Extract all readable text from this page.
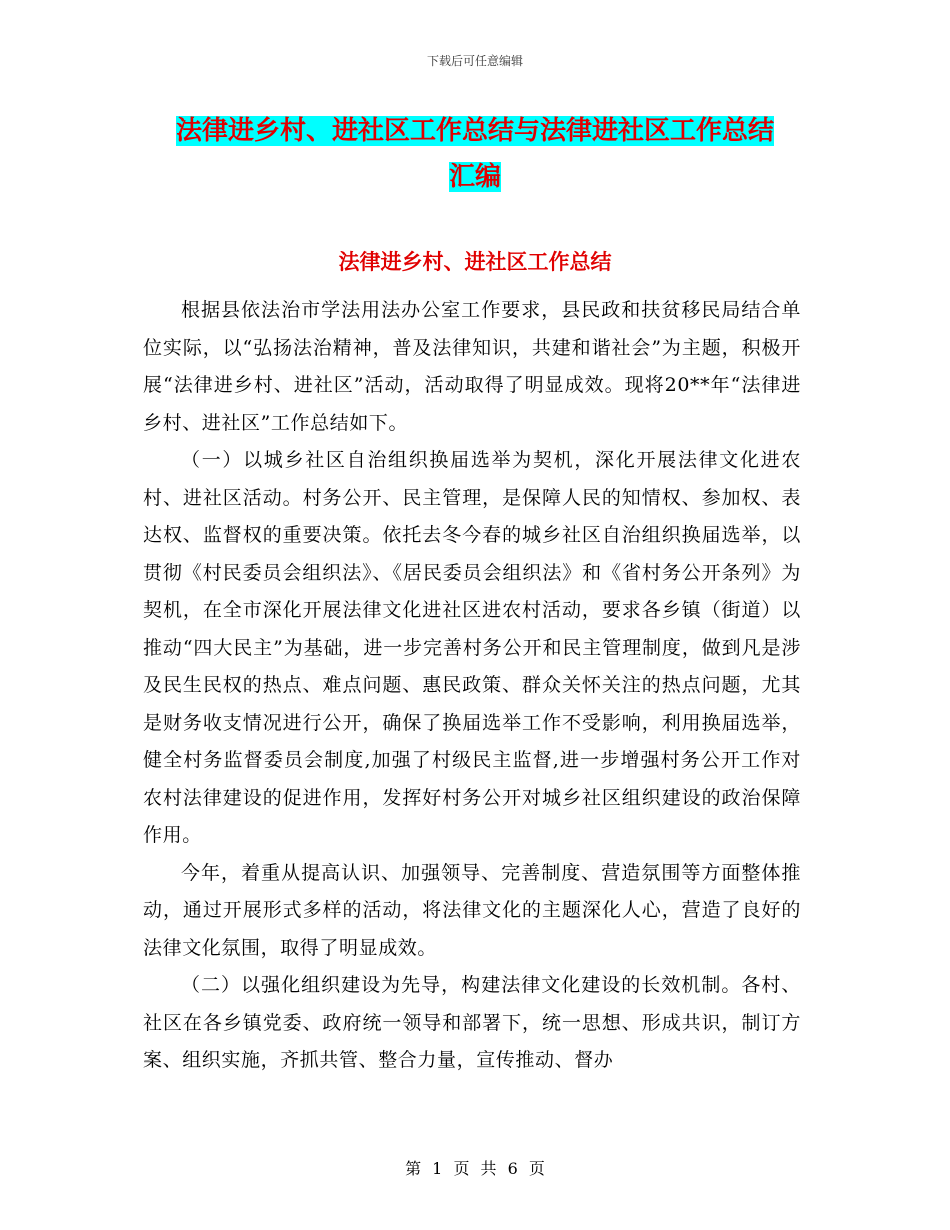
下载后可任意编辑
法律进乡村、进社区工作总结与法律进社区工作总结
汇编
法律进乡村、进社区工作总结

根据县依法治市学法用法办公室工作要求，县民政和扶贫移民局结合单位实际，以“弘扬法治精神，普及法律知识，共建和谐社会”为主题，积极开展“法律进乡村、进社区”活动，活动取得了明显成效。现将20**年“法律进乡村、进社区”工作总结如下。

（一）以城乡社区自治组织换届选举为契机，深化开展法律文化进农村、进社区活动。村务公开、民主管理，是保障人民的知情权、参加权、表达权、监督权的重要决策。依托去冬今春的城乡社区自治组织换届选举，以贯彻《村民委员会组织法》、《居民委员会组织法》和《省村务公开条列》为契机，在全市深化开展法律文化进社区进农村活动，要求各乡镇（街道）以推动“四大民主”为基础，进一步完善村务公开和民主管理制度，做到凡是涉及民生民权的热点、难点问题、惠民政策、群众关怀关注的热点问题，尤其是财务收支情况进行公开，确保了换届选举工作不受影响，利用换届选举，健全村务监督委员会制度,加强了村级民主监督,进一步增强村务公开工作对农村法律建设的促进作用，发挥好村务公开对城乡社区组织建设的政治保障作用。

今年，着重从提高认识、加强领导、完善制度、营造氛围等方面整体推动，通过开展形式多样的活动，将法律文化的主题深化人心，营造了良好的法律文化氛围，取得了明显成效。

（二）以强化组织建设为先导，构建法律文化建设的长效机制。各村、社区在各乡镇党委、政府统一领导和部署下，统一思想、形成共识，制订方案、组织实施，齐抓共管、整合力量，宣传推动、督办

第 1 页 共 6 页
